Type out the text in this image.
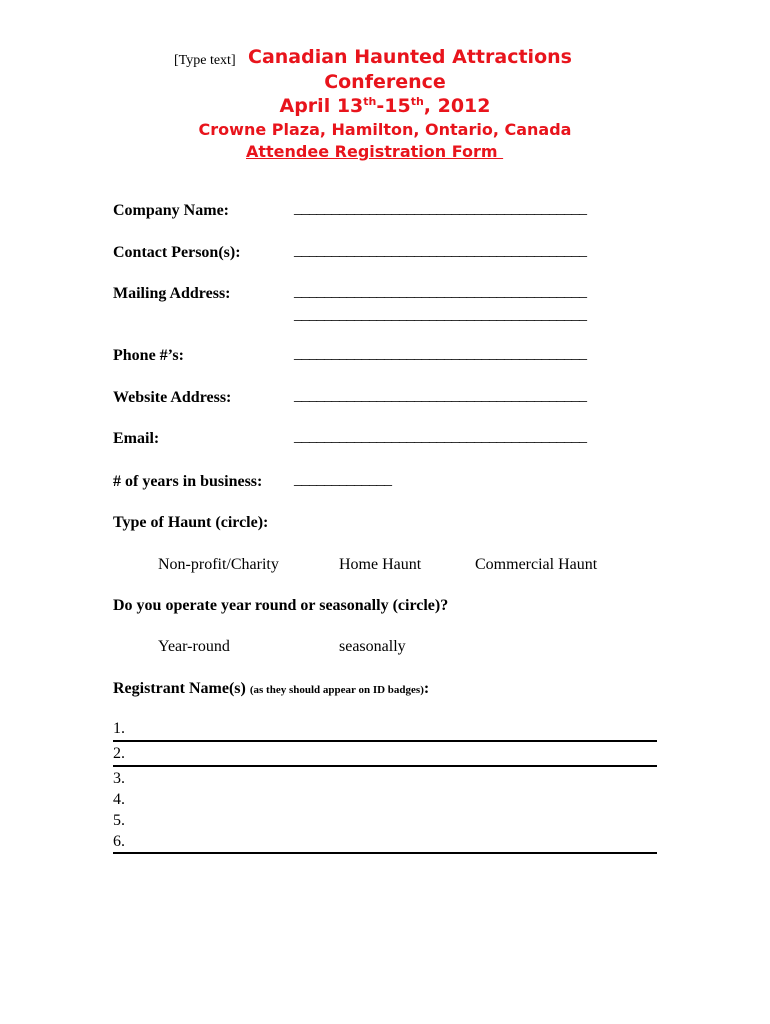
[Type text] Canadian Haunted Attractions
Conference
April 13th-15th, 2012
Crowne Plaza, Hamilton, Ontario, Canada
Attendee Registration Form
Company Name:	_______________________________________
Contact Person(s):	_______________________________________
Mailing Address:	_______________________________________
_______________________________________
Phone #’s:	_______________________________________
Website Address:	_______________________________________
Email:	_______________________________________
# of years in business: _____________
Type of Haunt (circle):
Non-profit/Charity	Home Haunt	Commercial Haunt
Do you operate year round or seasonally (circle)?
Year-round	seasonally
Registrant Name(s) (as they should appear on ID badges):
1.
2.
3.
4.
5.
6.
